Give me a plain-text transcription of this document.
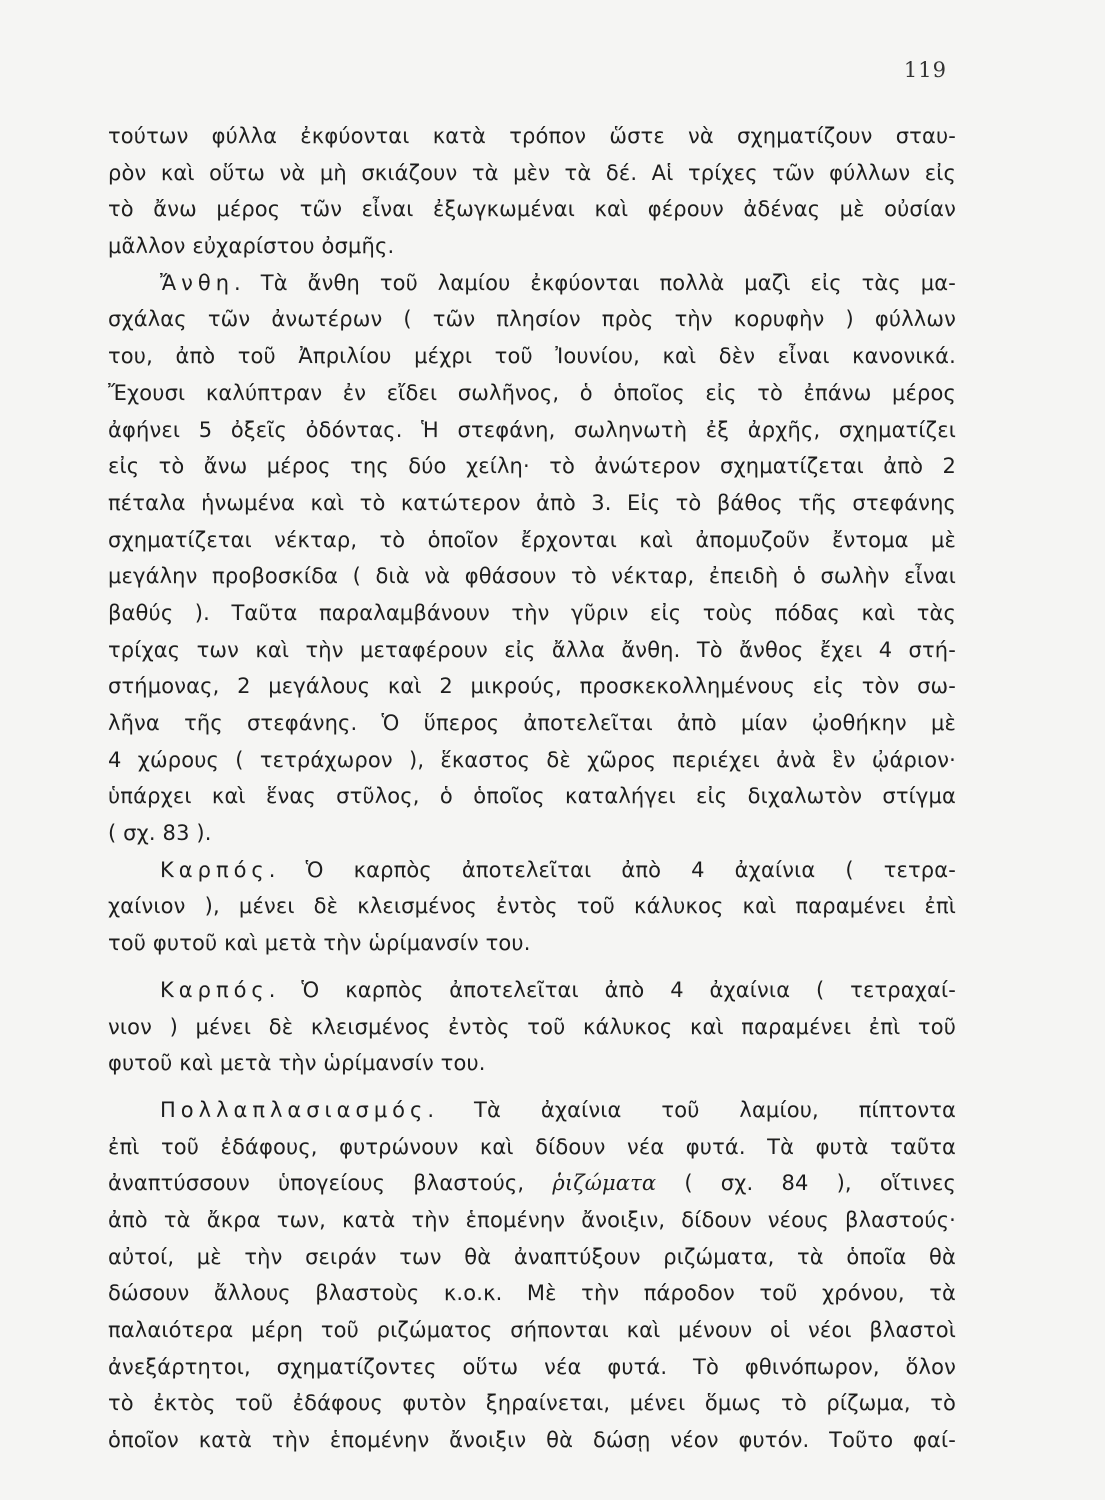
119
τούτων φύλλα ἐκφύονται κατὰ τρόπον ὥστε νὰ σχηματίζουν σταυ-
ρὸν καὶ οὕτω νὰ μὴ σκιάζουν τὰ μὲν τὰ δέ. Αἱ τρίχες τῶν φύλλων εἰς
τὸ ἄνω μέρος τῶν εἶναι ἐξωγκωμέναι καὶ φέρουν ἀδένας μὲ οὐσίαν
μᾶλλον εὐχαρίστου ὀσμῆς.
Ἄνθη. Τὰ ἄνθη τοῦ λαμίου ἐκφύονται πολλὰ μαζὶ εἰς τὰς μα-
σχάλας τῶν ἀνωτέρων ( τῶν πλησίον πρὸς τὴν κορυφὴν ) φύλλων
του, ἀπὸ τοῦ Ἀπριλίου μέχρι τοῦ Ἰουνίου, καὶ δὲν εἶναι κανονικά.
Ἔχουσι καλύπτραν ἐν εἴδει σωλῆνος, ὁ ὁποῖος εἰς τὸ ἐπάνω μέρος
ἀφήνει 5 ὀξεῖς ὀδόντας. Ἡ στεφάνη, σωληνωτὴ ἐξ ἀρχῆς, σχηματίζει
εἰς τὸ ἄνω μέρος της δύο χείλη· τὸ ἀνώτερον σχηματίζεται ἀπὸ 2
πέταλα ἡνωμένα καὶ τὸ κατώτερον ἀπὸ 3. Εἰς τὸ βάθος τῆς στεφάνης
σχηματίζεται νέκταρ, τὸ ὁποῖον ἔρχονται καὶ ἀπομυζοῦν ἔντομα μὲ
μεγάλην προβοσκίδα ( διὰ νὰ φθάσουν τὸ νέκταρ, ἐπειδὴ ὁ σωλὴν εἶναι
βαθύς ). Ταῦτα παραλαμβάνουν τὴν γῦριν εἰς τοὺς πόδας καὶ τὰς
τρίχας των καὶ τὴν μεταφέρουν εἰς ἄλλα ἄνθη. Τὸ ἄνθος ἔχει 4 στή-
στήμονας, 2 μεγάλους καὶ 2 μικρούς, προσκεκολλημένους εἰς τὸν σω-
λῆνα τῆς στεφάνης. Ὁ ὕπερος ἀποτελεῖται ἀπὸ μίαν ᾠοθήκην μὲ
4 χώρους ( τετράχωρον ), ἕκαστος δὲ χῶρος περιέχει ἀνὰ ἓν ᾠάριον·
ὑπάρχει καὶ ἕνας στῦλος, ὁ ὁποῖος καταλήγει εἰς διχαλωτὸν στίγμα
( σχ. 83 ).
Καρπός. Ὁ καρπὸς ἀποτελεῖται ἀπὸ 4 ἀχαίνια ( τετρα-
χαίνιον ), μένει δὲ κλεισμένος ἐντὸς τοῦ κάλυκος καὶ παραμένει ἐπὶ
τοῦ φυτοῦ καὶ μετὰ τὴν ὡρίμανσίν του.
Καρπός. Ὁ καρπὸς ἀποτελεῖται ἀπὸ 4 ἀχαίνια ( τετραχαί-
νιον ) μένει δὲ κλεισμένος ἐντὸς τοῦ κάλυκος καὶ παραμένει ἐπὶ τοῦ
φυτοῦ καὶ μετὰ τὴν ὡρίμανσίν του.
Πολλαπλασιασμός. Τὰ ἀχαίνια τοῦ λαμίου, πίπτοντα
ἐπὶ τοῦ ἐδάφους, φυτρώνουν καὶ δίδουν νέα φυτά. Τὰ φυτὰ ταῦτα
ἀναπτύσσουν ὑπογείους βλαστούς, ῥιζώματα ( σχ. 84 ), οἵτινες
ἀπὸ τὰ ἄκρα των, κατὰ τὴν ἑπομένην ἄνοιξιν, δίδουν νέους βλαστούς·
αὐτοί, μὲ τὴν σειράν των θὰ ἀναπτύξουν ριζώματα, τὰ ὁποῖα θὰ
δώσουν ἄλλους βλαστοὺς κ.ο.κ. Μὲ τὴν πάροδον τοῦ χρόνου, τὰ
παλαιότερα μέρη τοῦ ριζώματος σήπονται καὶ μένουν οἱ νέοι βλαστοὶ
ἀνεξάρτητοι, σχηματίζοντες οὕτω νέα φυτά. Τὸ φθινόπωρον, ὅλον
τὸ ἐκτὸς τοῦ ἐδάφους φυτὸν ξηραίνεται, μένει ὅμως τὸ ρίζωμα, τὸ
ὁποῖον κατὰ τὴν ἑπομένην ἄνοιξιν θὰ δώσῃ νέον φυτόν. Τοῦτο φαί-
